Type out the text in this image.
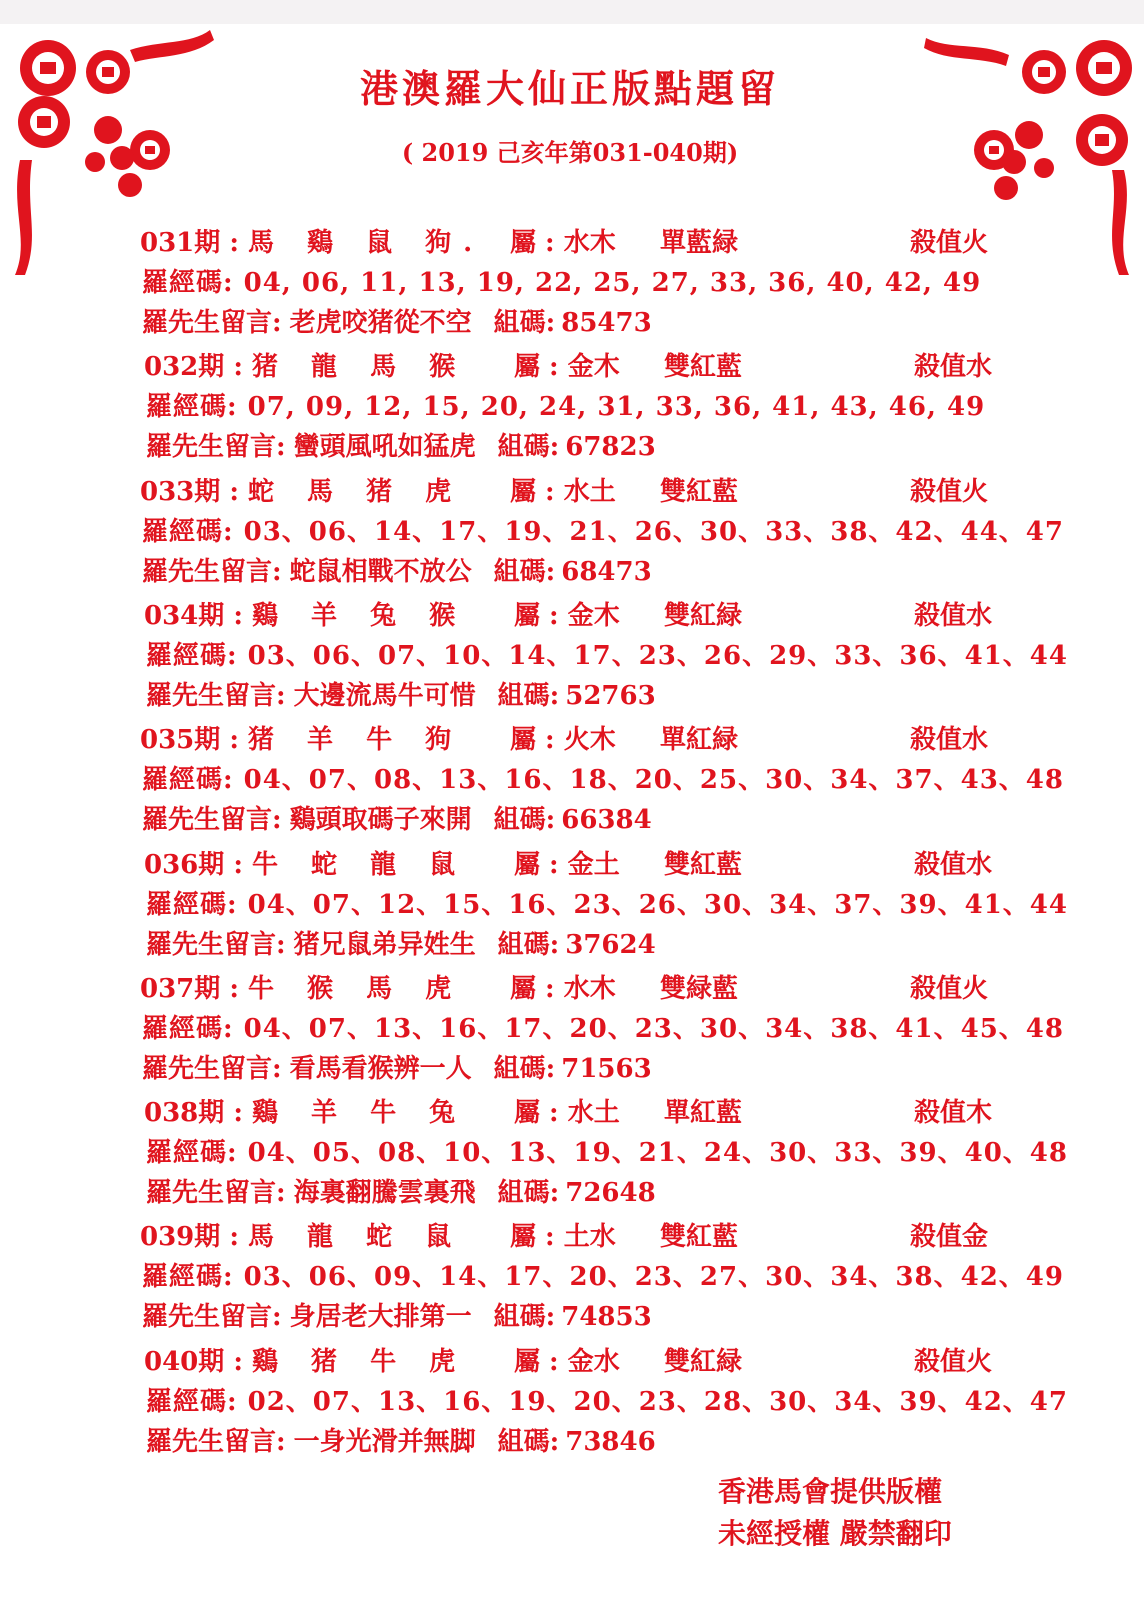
港澳羅大仙正版點題留
( 2019 己亥年第031-040期)
031期 : 馬 鷄 鼠 狗. 屬 : 水木 單藍緑	殺值火
羅經碼: 04, 06, 11, 13, 19, 22, 25, 27, 33, 36, 40, 42, 49
羅先生留言: 老虎咬猪從不空 組碼: 85473
032期 : 猪 龍 馬 猴 屬 : 金木 雙紅藍	殺值水
羅經碼: 07, 09, 12, 15, 20, 24, 31, 33, 36, 41, 43, 46, 49
羅先生留言: 蠻頭風吼如猛虎 組碼: 67823
033期 : 蛇 馬 猪 虎 屬 : 水土 雙紅藍	殺值火
羅經碼: 03、06、14、17、19、21、26、30、33、38、42、44、47
羅先生留言: 蛇鼠相戰不放公 組碼: 68473
034期 : 鷄 羊 兔 猴 屬 : 金木 雙紅緑	殺值水
羅經碼: 03、06、07、10、14、17、23、26、29、33、36、41、44
羅先生留言: 大邊流馬牛可惜 組碼: 52763
035期 : 猪 羊 牛 狗 屬 : 火木 單紅緑	殺值水
羅經碼: 04、07、08、13、16、18、20、25、30、34、37、43、48
羅先生留言: 鷄頭取碼子來開 組碼: 66384
036期 : 牛 蛇 龍 鼠 屬 : 金土 雙紅藍	殺值水
羅經碼: 04、07、12、15、16、23、26、30、34、37、39、41、44
羅先生留言: 猪兄鼠弟异姓生 組碼: 37624
037期 : 牛 猴 馬 虎 屬 : 水木 雙緑藍	殺值火
羅經碼: 04、07、13、16、17、20、23、30、34、38、41、45、48
羅先生留言: 看馬看猴辨一人 組碼: 71563
038期 : 鷄 羊 牛 兔 屬 : 水土 單紅藍	殺值木
羅經碼: 04、05、08、10、13、19、21、24、30、33、39、40、48
羅先生留言: 海裏翻騰雲裏飛 組碼: 72648
039期 : 馬 龍 蛇 鼠 屬 : 土水 雙紅藍	殺值金
羅經碼: 03、06、09、14、17、20、23、27、30、34、38、42、49
羅先生留言: 身居老大排第一 組碼: 74853
040期 : 鷄 猪 牛 虎 屬 : 金水 雙紅緑	殺值火
羅經碼: 02、07、13、16、19、20、23、28、30、34、39、42、47
羅先生留言: 一身光滑并無脚 組碼: 73846
香港馬會提供版權
未經授權 嚴禁翻印
